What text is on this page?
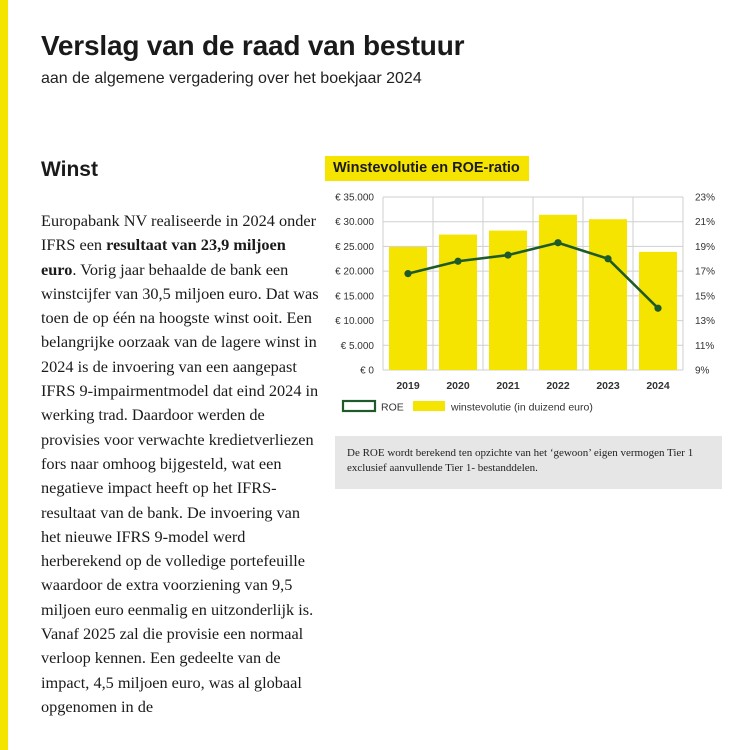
Verslag van de raad van bestuur

aan de algemene vergadering over het boekjaar 2024

Winst

Europabank NV realiseerde in 2024 onder IFRS een resultaat van 23,9 miljoen euro. Vorig jaar behaalde de bank een winstcijfer van 30,5 miljoen euro. Dat was toen de op één na hoogste winst ooit. Een belangrijke oorzaak van de lagere winst in 2024 is de invoering van een aangepast IFRS 9-impairmentmodel dat eind 2024 in werking trad. Daardoor werden de provisies voor verwachte kredietverliezen fors naar omhoog bijgesteld, wat een negatieve impact heeft op het IFRS-resultaat van de bank. De invoering van het nieuwe IFRS 9-model werd herberekend op de volledige portefeuille waardoor de extra voorziening van 9,5 miljoen euro eenmalig en uitzonderlijk is. Vanaf 2025 zal die provisie een normaal verloop kennen. Een gedeelte van de impact, 4,5 miljoen euro, was al globaal opgenomen in de

Winstevolutie en ROE-ratio
€ 0
€ 5.000
€ 10.000
€ 15.000
€ 20.000
€ 25.000
€ 30.000
€ 35.000
9%
11%
13%
15%
17%
19%
21%
23%
2019	2020	2021	2022	2023	2024
ROE	winstevolutie (in duizend euro)
De ROE wordt berekend ten opzichte van het ‘gewoon’ eigen vermogen Tier 1 exclusief aanvullende Tier 1- bestanddelen.
